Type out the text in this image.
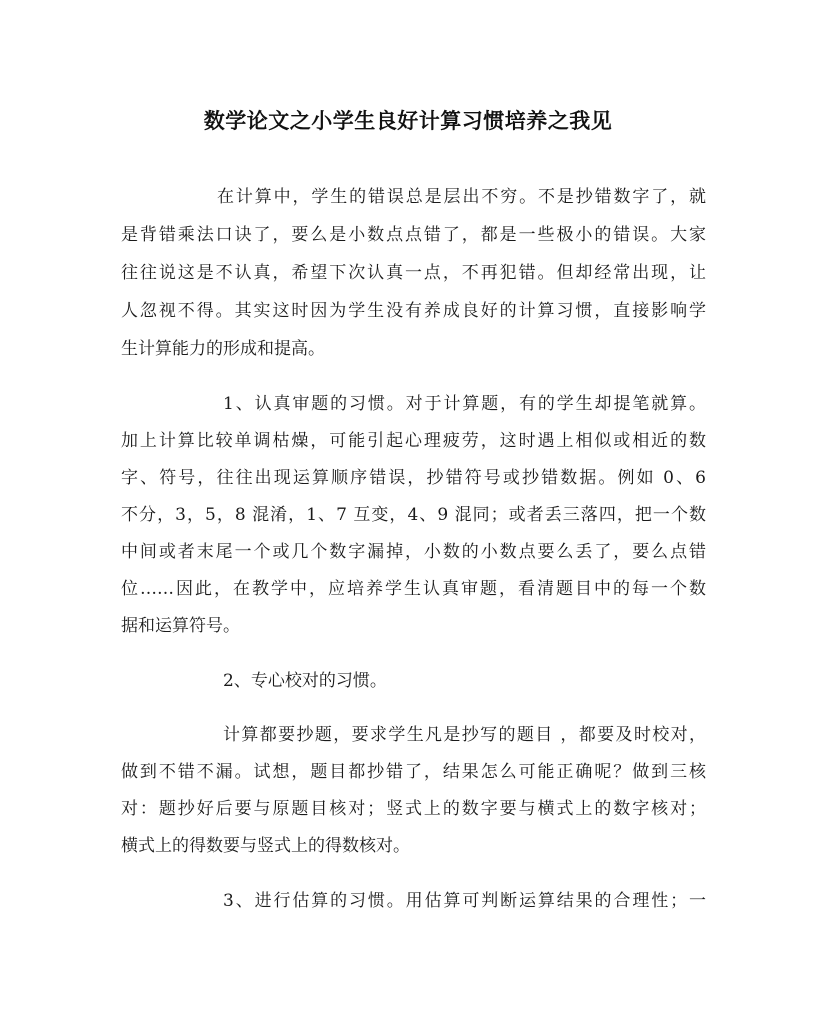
数学论文之小学生良好计算习惯培养之我见
在计算中，学生的错误总是层出不穷。不是抄错数字了，就
是背错乘法口诀了，要么是小数点点错了，都是一些极小的错误。大家
往往说这是不认真，希望下次认真一点，不再犯错。但却经常出现，让
人忽视不得。其实这时因为学生没有养成良好的计算习惯，直接影响学
生计算能力的形成和提高。
1、认真审题的习惯。对于计算题，有的学生却提笔就算。
加上计算比较单调枯燥，可能引起心理疲劳，这时遇上相似或相近的数
字、符号，往往出现运算顺序错误，抄错符号或抄错数据。例如 0、6
不分，3，5，8 混淆，1、7 互变，4、9 混同；或者丢三落四，把一个数
中间或者末尾一个或几个数字漏掉，小数的小数点要么丢了，要么点错
位……因此，在教学中，应培养学生认真审题，看清题目中的每一个数
据和运算符号。
2、专心校对的习惯。
计算都要抄题，要求学生凡是抄写的题目 ，都要及时校对，
做到不错不漏。试想，题目都抄错了，结果怎么可能正确呢？做到三核
对：题抄好后要与原题目核对；竖式上的数字要与横式上的数字核对；
横式上的得数要与竖式上的得数核对。
3、进行估算的习惯。用估算可判断运算结果的合理性；一
